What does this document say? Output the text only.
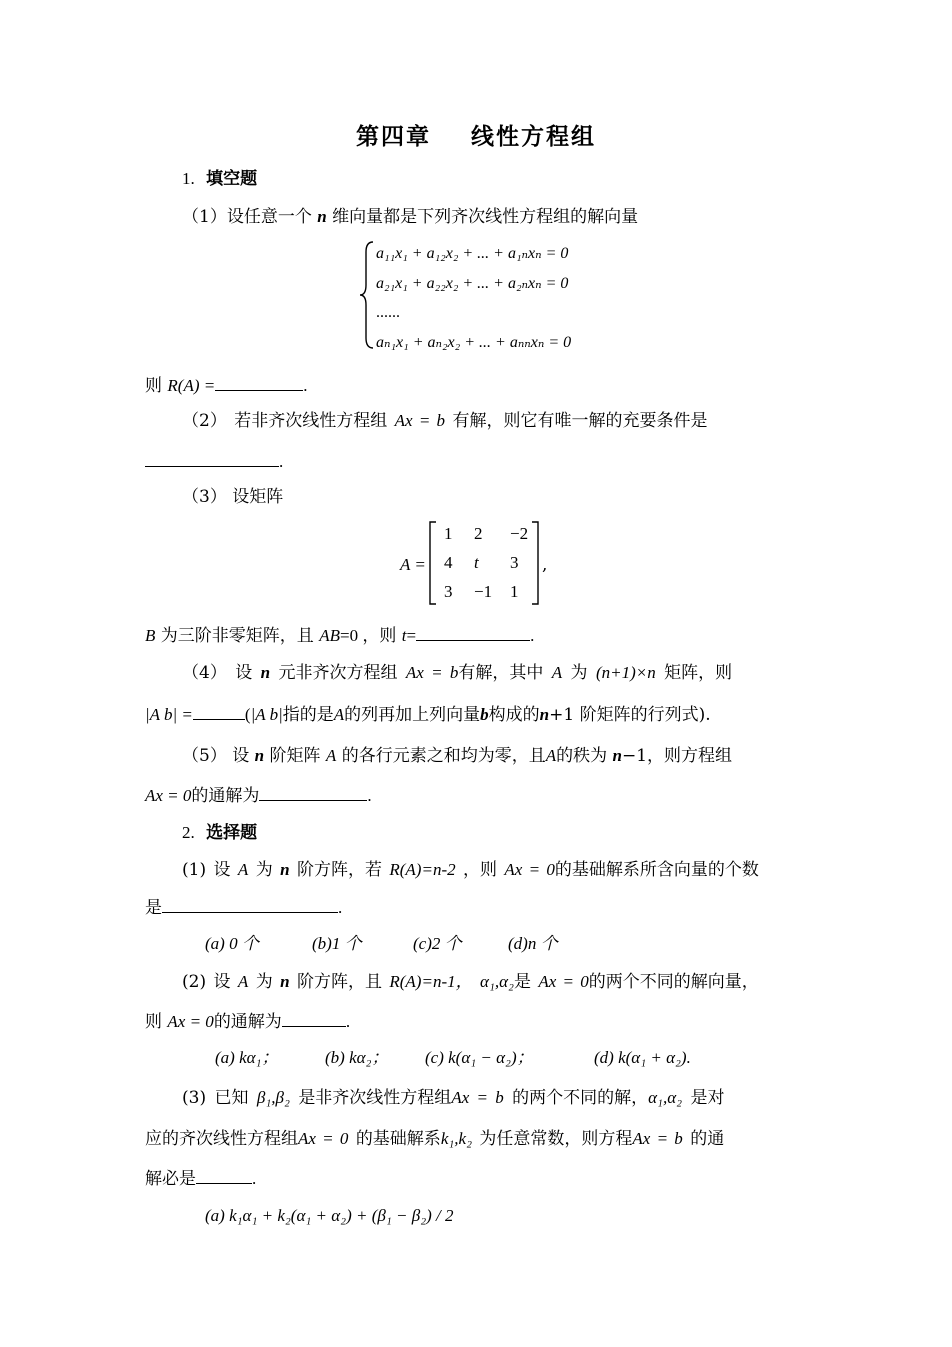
第四章    线性方程组
1. 填空题
（1）设任意一个 n 维向量都是下列齐次线性方程组的解向量
a₁₁x₁ + a₁₂x₂ + ... + a₁ₙxₙ = 0
a₂₁x₁ + a₂₂x₂ + ... + a₂ₙxₙ = 0
......
aₙ₁x₁ + aₙ₂x₂ + ... + aₙₙxₙ = 0
则 R(A) =	.
（2） 若非齐次线性方程组 Ax = b 有解，则它有唯一解的充要条件是
.
（3） 设矩阵
A =
1 2 −2
4 t 3
3 −1 1
,
B 为三阶非零矩阵，且 AB=0 ，则 t=	.
（4） 设 n 元非齐次方程组 Ax = b有解，其中 A 为 (n+1)×n 矩阵，则
|A b| =	(|A b|指的是A的列再加上列向量b构成的n+1 阶矩阵的行列式).
（5） 设 n 阶矩阵 A 的各行元素之和均为零，且A的秩为 n−1，则方程组
Ax = 0的通解为	.
2. 选择题
(1) 设 A 为 n 阶方阵，若 R(A)=n-2 ，则 Ax = 0的基础解系所含向量的个数
是	.
(a) 0 个	(b)1 个	(c)2 个	(d)n 个
(2) 设 A 为 n 阶方阵，且 R(A)=n-1， α₁,α₂是 Ax = 0的两个不同的解向量，
则 Ax = 0的通解为	.
(a) kα₁；	(b) kα₂； (c) k(α₁ − α₂)；	(d) k(α₁ + α₂).
(3) 已知 β₁,β₂ 是非齐次线性方程组Ax = b 的两个不同的解，α₁,α₂ 是对
应的齐次线性方程组Ax = 0 的基础解系k₁,k₂ 为任意常数，则方程Ax = b 的通
解必是	.
(a) k₁α₁ + k₂(α₁ + α₂) + (β₁ − β₂) / 2
